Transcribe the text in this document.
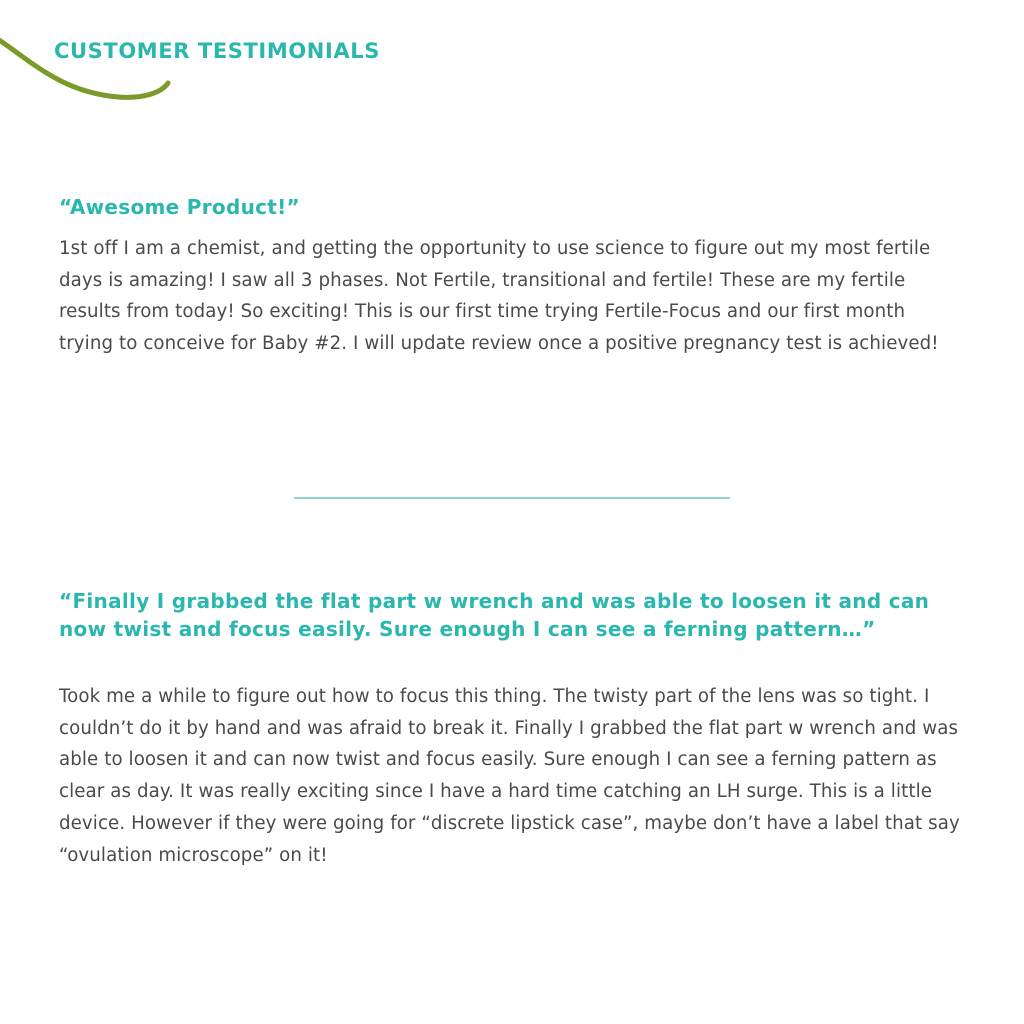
CUSTOMER TESTIMONIALS
“Awesome Product!”

1st off I am a chemist, and getting the opportunity to use science to figure out my most fertile days is amazing! I saw all 3 phases. Not Fertile, transitional and fertile! These are my fertile results from today! So exciting! This is our first time trying Fertile-Focus and our first month trying to conceive for Baby #2. I will update review once a positive pregnancy test is achieved!

“Finally I grabbed the flat part w wrench and was able to loosen it and can now twist and focus easily. Sure enough I can see a ferning pattern…”

Took me a while to figure out how to focus this thing. The twisty part of the lens was so tight. I couldn’t do it by hand and was afraid to break it. Finally I grabbed the flat part w wrench and was able to loosen it and can now twist and focus easily. Sure enough I can see a ferning pattern as clear as day. It was really exciting since I have a hard time catching an LH surge. This is a little device. However if they were going for “discrete lipstick case”, maybe don’t have a label that say “ovulation microscope” on it!
